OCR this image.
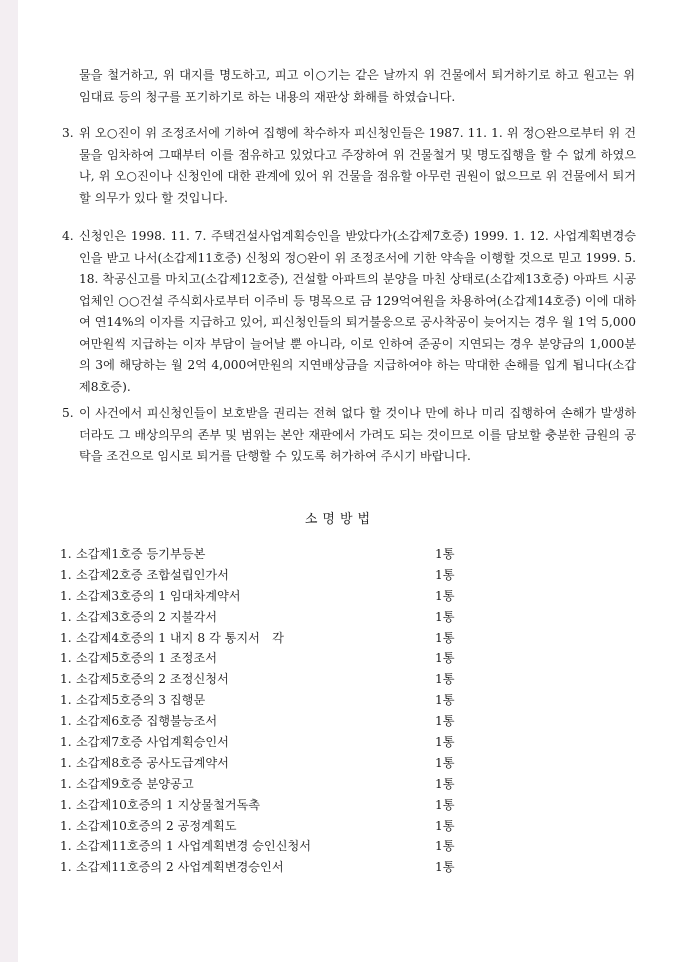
물을 철거하고, 위 대지를 명도하고, 피고 이○기는 같은 날까지 위 건물에서 퇴거하기로 하고 원고는 위 임대료 등의 청구를 포기하기로 하는 내용의 재판상 화해를 하였습니다.
3. 위 오○진이 위 조정조서에 기하여 집행에 착수하자 피신청인들은 1987. 11. 1. 위 정○완으로부터 위 건물을 임차하여 그때부터 이를 점유하고 있었다고 주장하여 위 건물철거 및 명도집행을 할 수 없게 하였으나, 위 오○진이나 신청인에 대한 관계에 있어 위 건물을 점유할 아무런 권원이 없으므로 위 건물에서 퇴거할 의무가 있다 할 것입니다.
4. 신청인은 1998. 11. 7. 주택건설사업계획승인을 받았다가(소갑제7호증) 1999. 1. 12. 사업계획변경승인을 받고 나서(소갑제11호증) 신청외 정○완이 위 조정조서에 기한 약속을 이행할 것으로 믿고 1999. 5. 18. 착공신고를 마치고(소갑제12호증), 건설할 아파트의 분양을 마친 상태로(소갑제13호증) 아파트 시공업체인 ○○건설 주식회사로부터 이주비 등 명목으로 금 129억여원을 차용하여(소갑제14호증) 이에 대하여 연14%의 이자를 지급하고 있어, 피신청인들의 퇴거불응으로 공사착공이 늦어지는 경우 월 1억 5,000여만원씩 지급하는 이자 부담이 늘어날 뿐 아니라, 이로 인하여 준공이 지연되는 경우 분양금의 1,000분의 3에 해당하는 월 2억 4,000여만원의 지연배상금을 지급하여야 하는 막대한 손해를 입게 됩니다(소갑제8호증).
5. 이 사건에서 피신청인들이 보호받을 권리는 전혀 없다 할 것이나 만에 하나 미리 집행하여 손해가 발생하더라도 그 배상의무의 존부 및 범위는 본안 재판에서 가려도 되는 것이므로 이를 담보할 충분한 금원의 공탁을 조건으로 임시로 퇴거를 단행할 수 있도록 허가하여 주시기 바랍니다.
소명방법
1. 소갑제1호증 등기부등본	1통
1. 소갑제2호증 조합설립인가서	1통
1. 소갑제3호증의 1 임대차계약서	1통
1. 소갑제3호증의 2 지불각서	1통
1. 소갑제4호증의 1 내지 8 각 통지서　각	1통
1. 소갑제5호증의 1 조정조서	1통
1. 소갑제5호증의 2 조정신청서	1통
1. 소갑제5호증의 3 집행문	1통
1. 소갑제6호증 집행불능조서	1통
1. 소갑제7호증 사업계획승인서	1통
1. 소갑제8호증 공사도급계약서	1통
1. 소갑제9호증 분양공고	1통
1. 소갑제10호증의 1 지상물철거독촉	1통
1. 소갑제10호증의 2 공정계획도	1통
1. 소갑제11호증의 1 사업계획변경 승인신청서	1통
1. 소갑제11호증의 2 사업계획변경승인서	1통
